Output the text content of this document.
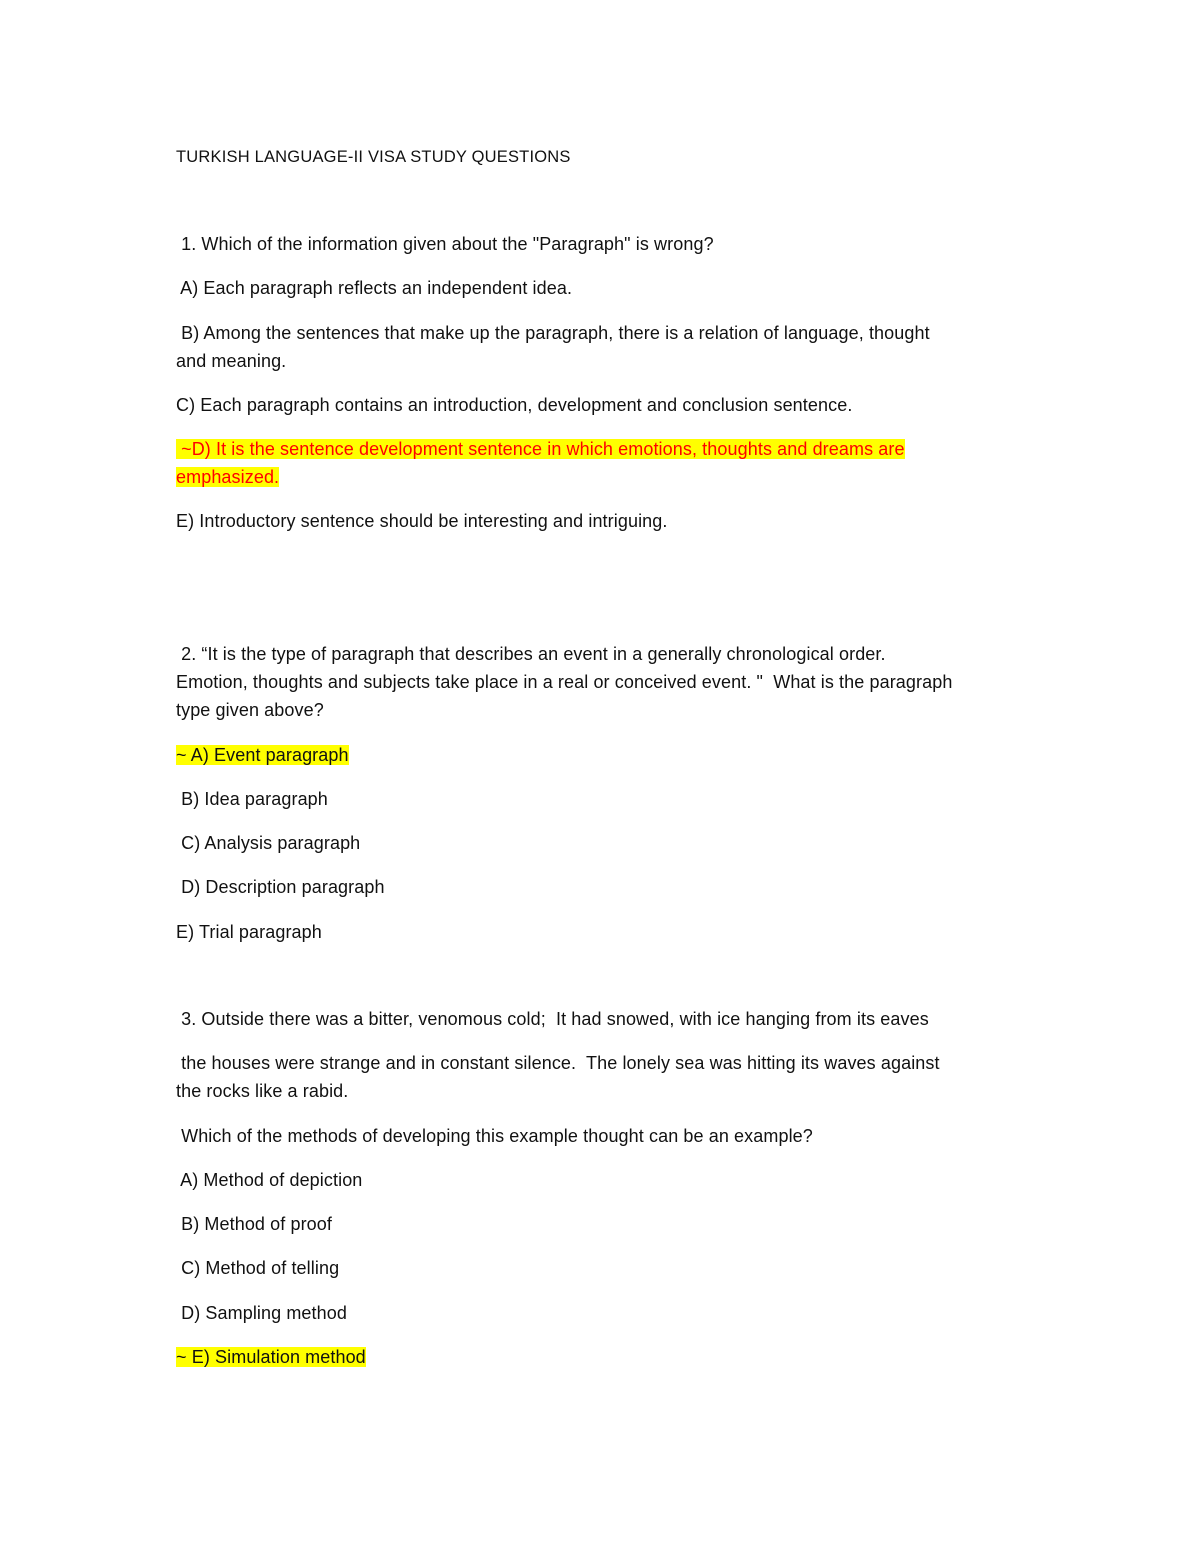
TURKISH LANGUAGE-II VISA STUDY QUESTIONS
1. Which of the information given about the "Paragraph" is wrong?
A) Each paragraph reflects an independent idea.
B) Among the sentences that make up the paragraph, there is a relation of language, thought
and meaning.
C) Each paragraph contains an introduction, development and conclusion sentence.
~D) It is the sentence development sentence in which emotions, thoughts and dreams are
emphasized.
E) Introductory sentence should be interesting and intriguing.
2. “It is the type of paragraph that describes an event in a generally chronological order.
Emotion, thoughts and subjects take place in a real or conceived event. "  What is the paragraph
type given above?
~ A) Event paragraph
B) Idea paragraph
C) Analysis paragraph
D) Description paragraph
E) Trial paragraph
3. Outside there was a bitter, venomous cold;  It had snowed, with ice hanging from its eaves
the houses were strange and in constant silence.  The lonely sea was hitting its waves against
the rocks like a rabid.
Which of the methods of developing this example thought can be an example?
A) Method of depiction
B) Method of proof
C) Method of telling
D) Sampling method
~ E) Simulation method
